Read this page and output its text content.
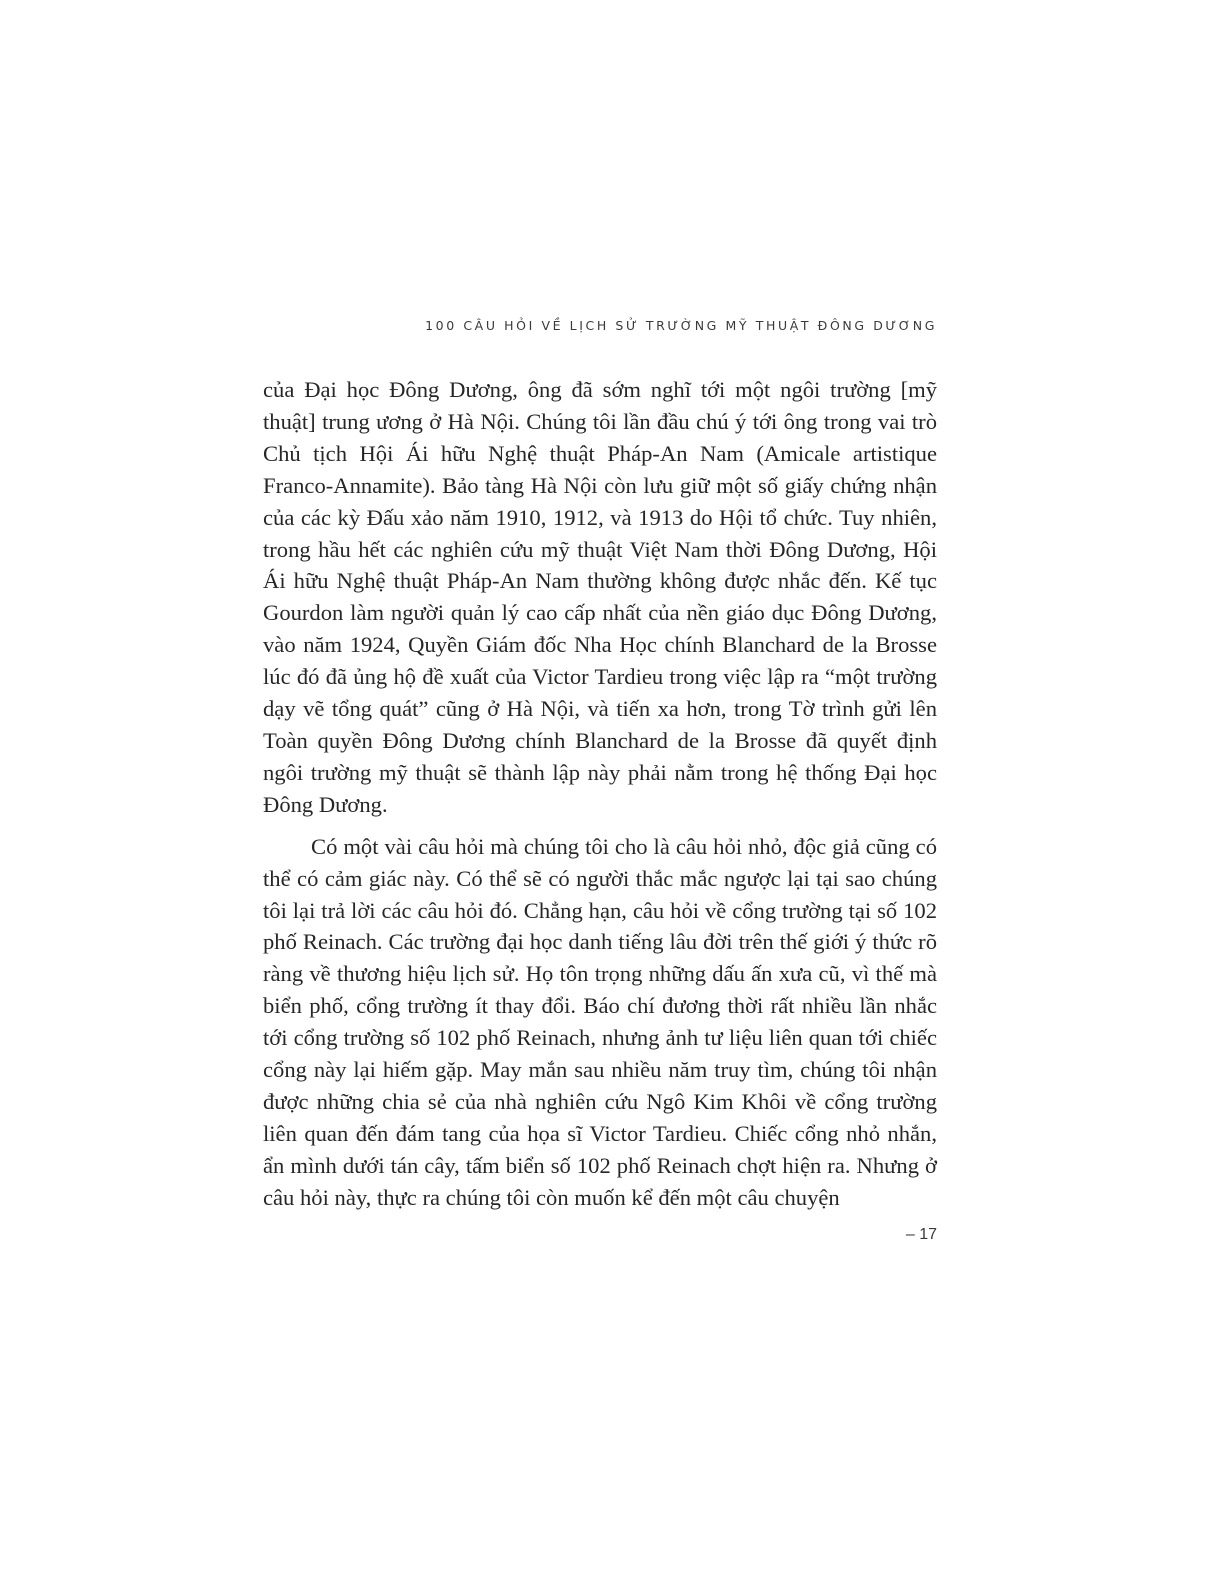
100 CÂU HỎI VỀ LỊCH SỬ TRƯỜNG MỸ THUẬT ĐÔNG DƯƠNG

của Đại học Đông Dương, ông đã sớm nghĩ tới một ngôi trường [mỹ thuật] trung ương ở Hà Nội. Chúng tôi lần đầu chú ý tới ông trong vai trò Chủ tịch Hội Ái hữu Nghệ thuật Pháp-An Nam (Amicale artistique Franco-Annamite). Bảo tàng Hà Nội còn lưu giữ một số giấy chứng nhận của các kỳ Đấu xảo năm 1910, 1912, và 1913 do Hội tổ chức. Tuy nhiên, trong hầu hết các nghiên cứu mỹ thuật Việt Nam thời Đông Dương, Hội Ái hữu Nghệ thuật Pháp-An Nam thường không được nhắc đến. Kế tục Gourdon làm người quản lý cao cấp nhất của nền giáo dục Đông Dương, vào năm 1924, Quyền Giám đốc Nha Học chính Blanchard de la Brosse lúc đó đã ủng hộ đề xuất của Victor Tardieu trong việc lập ra “một trường dạy vẽ tổng quát” cũng ở Hà Nội, và tiến xa hơn, trong Tờ trình gửi lên Toàn quyền Đông Dương chính Blanchard de la Brosse đã quyết định ngôi trường mỹ thuật sẽ thành lập này phải nằm trong hệ thống Đại học Đông Dương.

Có một vài câu hỏi mà chúng tôi cho là câu hỏi nhỏ, độc giả cũng có thể có cảm giác này. Có thể sẽ có người thắc mắc ngược lại tại sao chúng tôi lại trả lời các câu hỏi đó. Chẳng hạn, câu hỏi về cổng trường tại số 102 phố Reinach. Các trường đại học danh tiếng lâu đời trên thế giới ý thức rõ ràng về thương hiệu lịch sử. Họ tôn trọng những dấu ấn xưa cũ, vì thế mà biển phố, cổng trường ít thay đổi. Báo chí đương thời rất nhiều lần nhắc tới cổng trường số 102 phố Reinach, nhưng ảnh tư liệu liên quan tới chiếc cổng này lại hiếm gặp. May mắn sau nhiều năm truy tìm, chúng tôi nhận được những chia sẻ của nhà nghiên cứu Ngô Kim Khôi về cổng trường liên quan đến đám tang của họa sĩ Victor Tardieu. Chiếc cổng nhỏ nhắn, ẩn mình dưới tán cây, tấm biển số 102 phố Reinach chợt hiện ra. Nhưng ở câu hỏi này, thực ra chúng tôi còn muốn kể đến một câu chuyện

– 17
